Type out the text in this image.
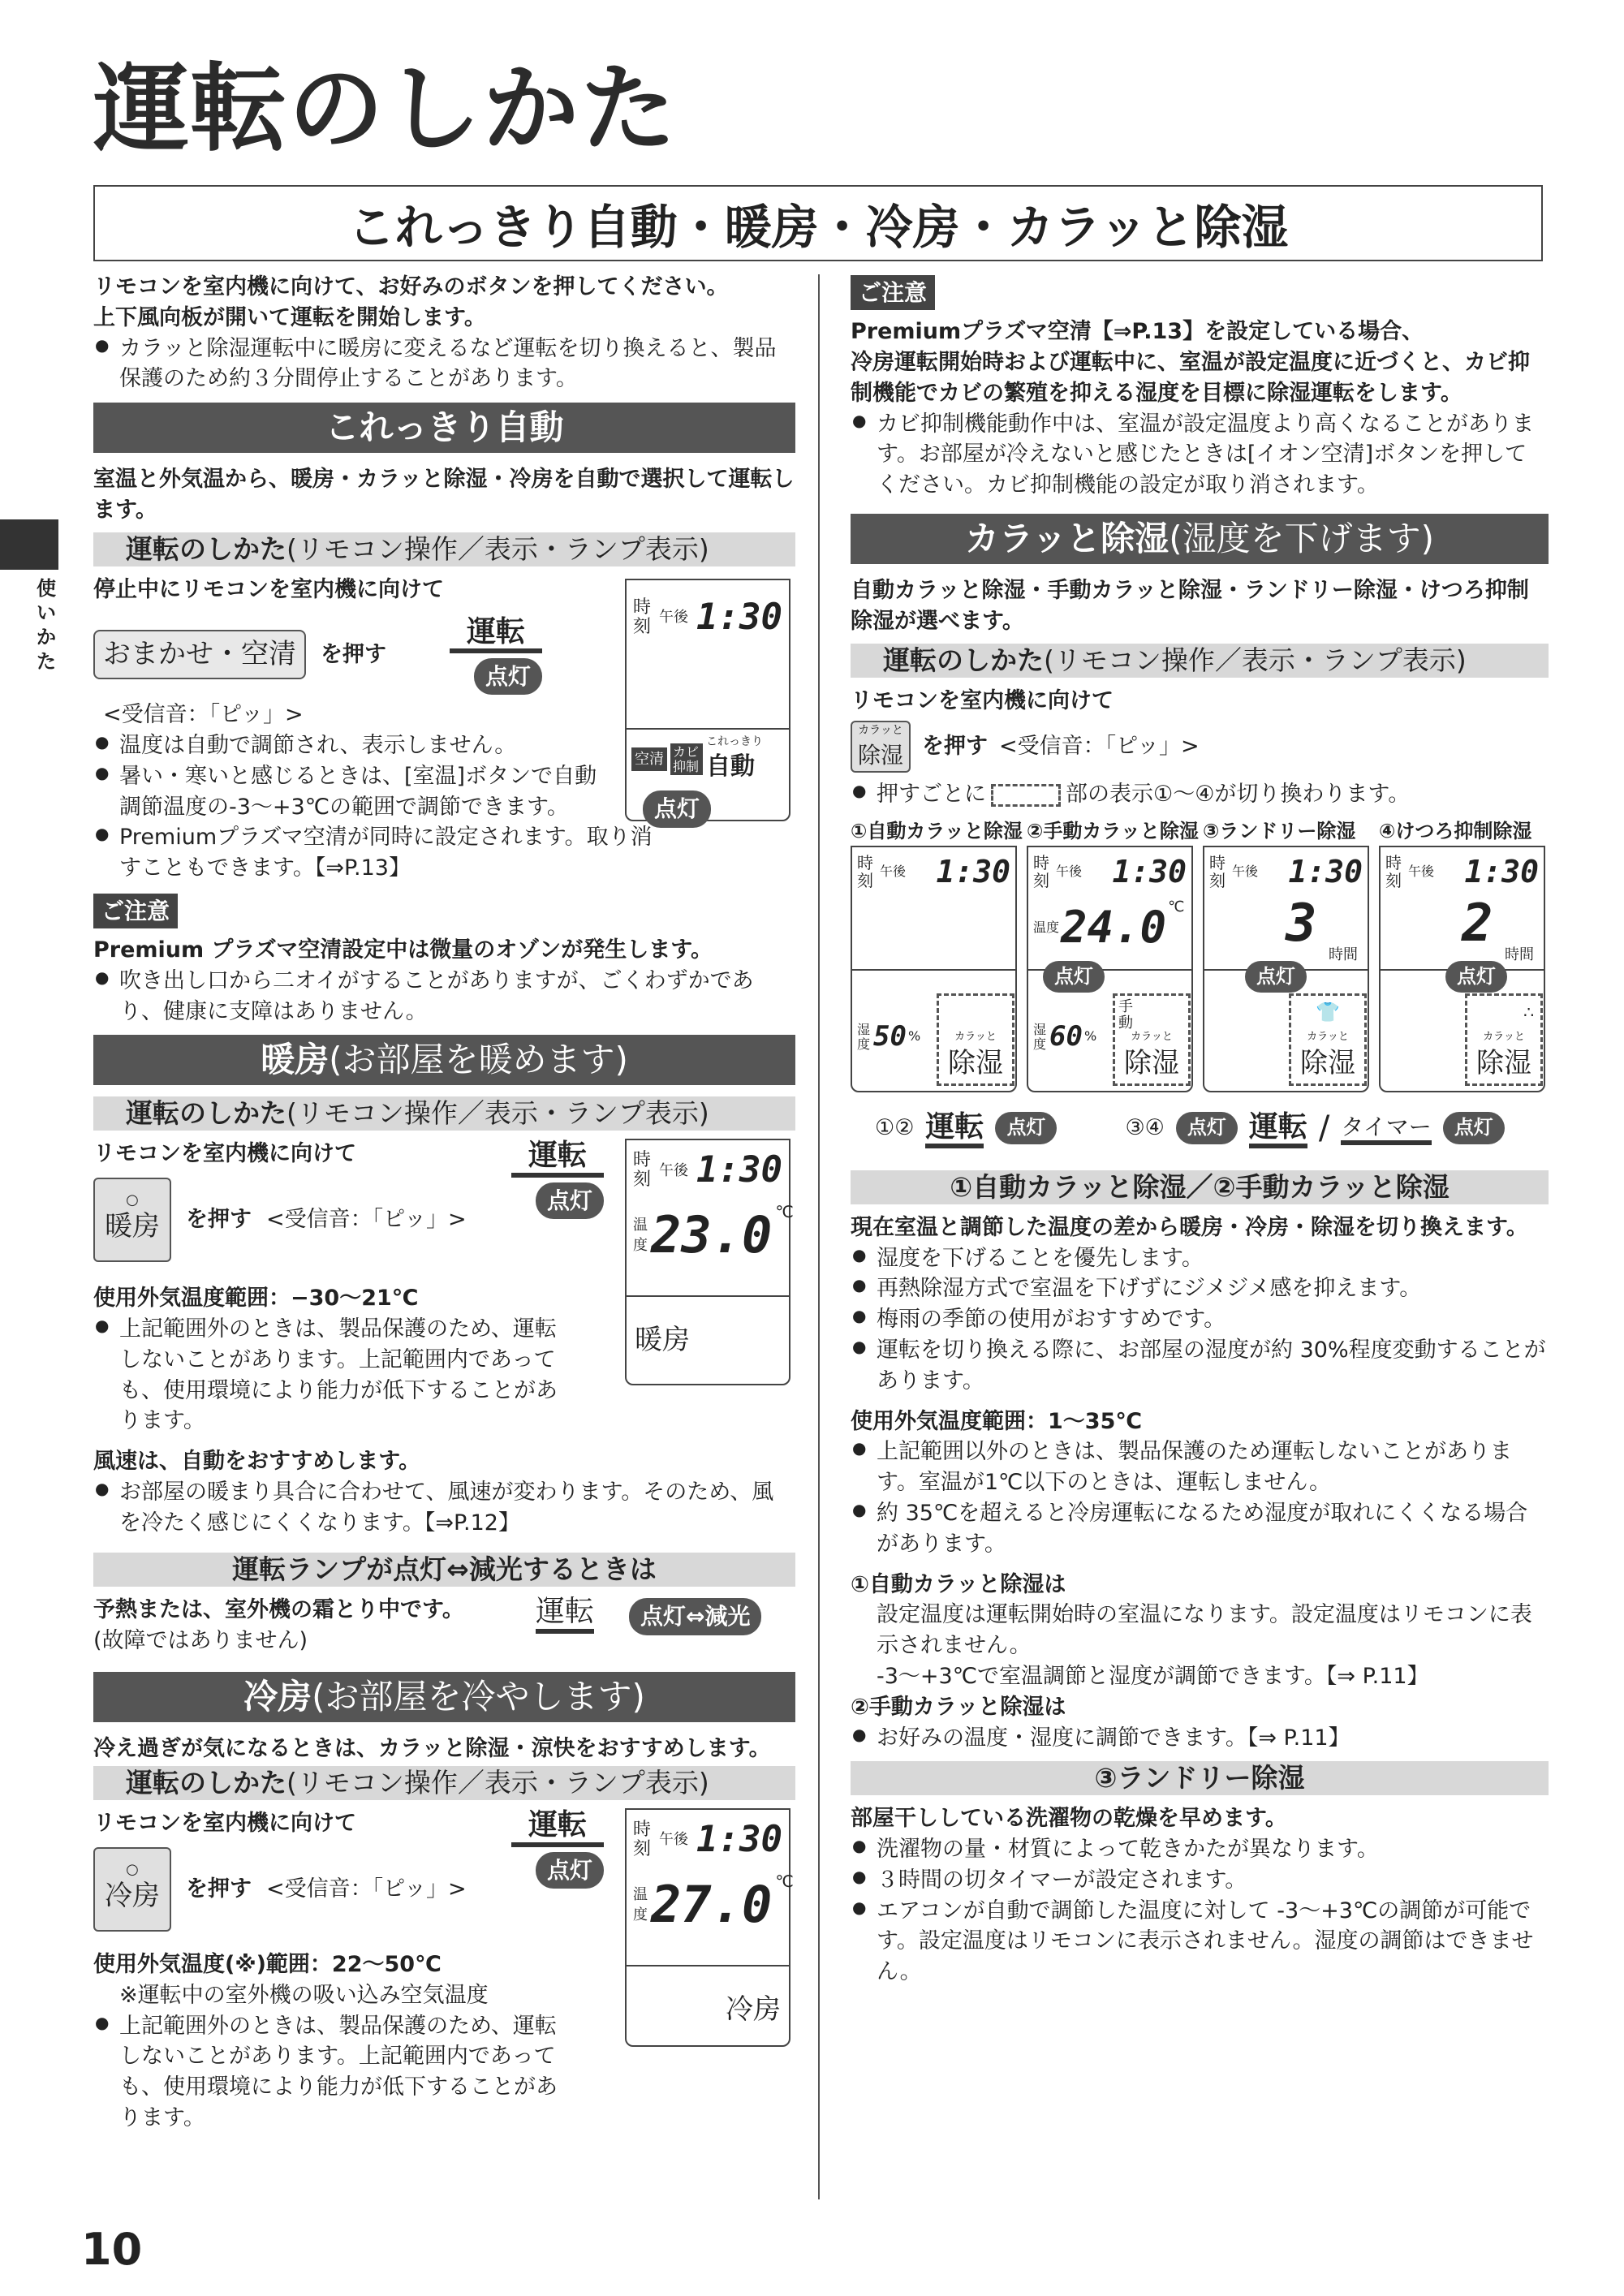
運転のしかた
これっきり自動・暖房・冷房・カラッと除湿
使いかた

リモコンを室内機に向けて、お好みのボタンを押してください。

上下風向板が開いて運転を開始します。

● カラッと除湿運転中に暖房に変えるなど運転を切り換えると、製品保護のため約３分間停止することがあります。

これっきり自動

室温と外気温から、暖房・カラッと除湿・冷房を自動で選択して運転します。

運転のしかた(リモコン操作／表示・ランプ表示)

停止中にリモコンを室内機に向けて

おまかせ・空清	を押す
運転
点灯

<受信音：「ピッ」>

● 温度は自動で調節され、表示しません。

● 暑い・寒いと感じるときは、[室温]ボタンで自動調節温度の-3～+3℃の範囲で調節できます。

● Premiumプラズマ空清が同時に設定されます。取り消すこともできます。【⇒P.13】

時刻 午後 1:30
空清 カビ抑制
これっきり
自動
点灯
ご注意

Premium プラズマ空清設定中は微量のオゾンが発生します。

● 吹き出し口から二オイがすることがありますが、ごくわずかであり、健康に支障はありません。

暖房(お部屋を暖めます)
運転のしかた(リモコン操作／表示・ランプ表示)

リモコンを室内機に向けて

○
暖房 を押す <受信音：「ピッ」>
運転
点灯

使用外気温度範囲：−30～21℃

● 上記範囲外のときは、製品保護のため、運転しないことがあります。上記範囲内であっても、使用環境により能力が低下することがあります。

風速は、自動をおすすめします。

● お部屋の暖まり具合に合わせて、風速が変わります。そのため、風を冷たく感じにくくなります。【⇒P.12】

時刻 午後 1:30
温度 23.0 ℃
暖房
運転ランプが点灯⇔減光するときは

予熱または、室外機の霜とり中です。

(故障ではありません)

運転	点灯⇔減光
冷房(お部屋を冷やします)

冷え過ぎが気になるときは、カラッと除湿・涼快をおすすめします。

運転のしかた(リモコン操作／表示・ランプ表示)

リモコンを室内機に向けて

○
冷房 を押す <受信音：「ピッ」>
運転
点灯

使用外気温度(※)範囲：22～50℃

※運転中の室外機の吸い込み空気温度

● 上記範囲外のときは、製品保護のため、運転しないことがあります。上記範囲内であっても、使用環境により能力が低下することがあります。

時刻 午後 1:30
温度 27.0 ℃
冷房
ご注意

Premiumプラズマ空清【⇒P.13】を設定している場合、

冷房運転開始時および運転中に、室温が設定温度に近づくと、カビ抑制機能でカビの繁殖を抑える湿度を目標に除湿運転をします。

● カビ抑制機能動作中は、室温が設定温度より高くなることがあります。お部屋が冷えないと感じたときは[イオン空清]ボタンを押してください。カビ抑制機能の設定が取り消されます。

カラッと除湿(湿度を下げます)

自動カラッと除湿・手動カラッと除湿・ランドリー除湿・けつろ抑制除湿が選べます。

運転のしかた(リモコン操作／表示・ランプ表示)

リモコンを室内機に向けて

カラッと
除湿 を押す <受信音：「ピッ」>

● 押すごとに	部の表示①～④が切り換わります。

①自動カラッと除湿
時刻 午後 1:30
湿度 50 %	カラッと
除湿
②手動カラッと除湿
時刻 午後 1:30
温度 24.0 ℃
点灯
湿度 60 %
手動
カラッと
除湿
③ランドリー除湿
時刻 午後 1:30
3
時間
点灯
👕
カラッと
除湿
④けつろ抑制除湿
時刻 午後 1:30
2
時間
点灯
∴
カラッと
除湿
①② 運転	点灯	③④	点灯 運転 / タイマー	点灯
①自動カラッと除湿／②手動カラッと除湿

現在室温と調節した温度の差から暖房・冷房・除湿を切り換えます。

● 湿度を下げることを優先します。

● 再熱除湿方式で室温を下げずにジメジメ感を抑えます。

● 梅雨の季節の使用がおすすめです。

● 運転を切り換える際に、お部屋の湿度が約 30%程度変動することがあります。

使用外気温度範囲：1～35℃

● 上記範囲以外のときは、製品保護のため運転しないことがあります。室温が1℃以下のときは、運転しません。

● 約 35℃を超えると冷房運転になるため湿度が取れにくくなる場合があります。

①自動カラッと除湿は

設定温度は運転開始時の室温になります。設定温度はリモコンに表示されません。

-3～+3℃で室温調節と湿度が調節できます。【⇒ P.11】

②手動カラッと除湿は

● お好みの温度・湿度に調節できます。【⇒ P.11】

③ランドリー除湿

部屋干ししている洗濯物の乾燥を早めます。

● 洗濯物の量・材質によって乾きかたが異なります。

● ３時間の切タイマーが設定されます。

● エアコンが自動で調節した温度に対して -3～+3℃の調節が可能です。設定温度はリモコンに表示されません。湿度の調節はできません。

10
